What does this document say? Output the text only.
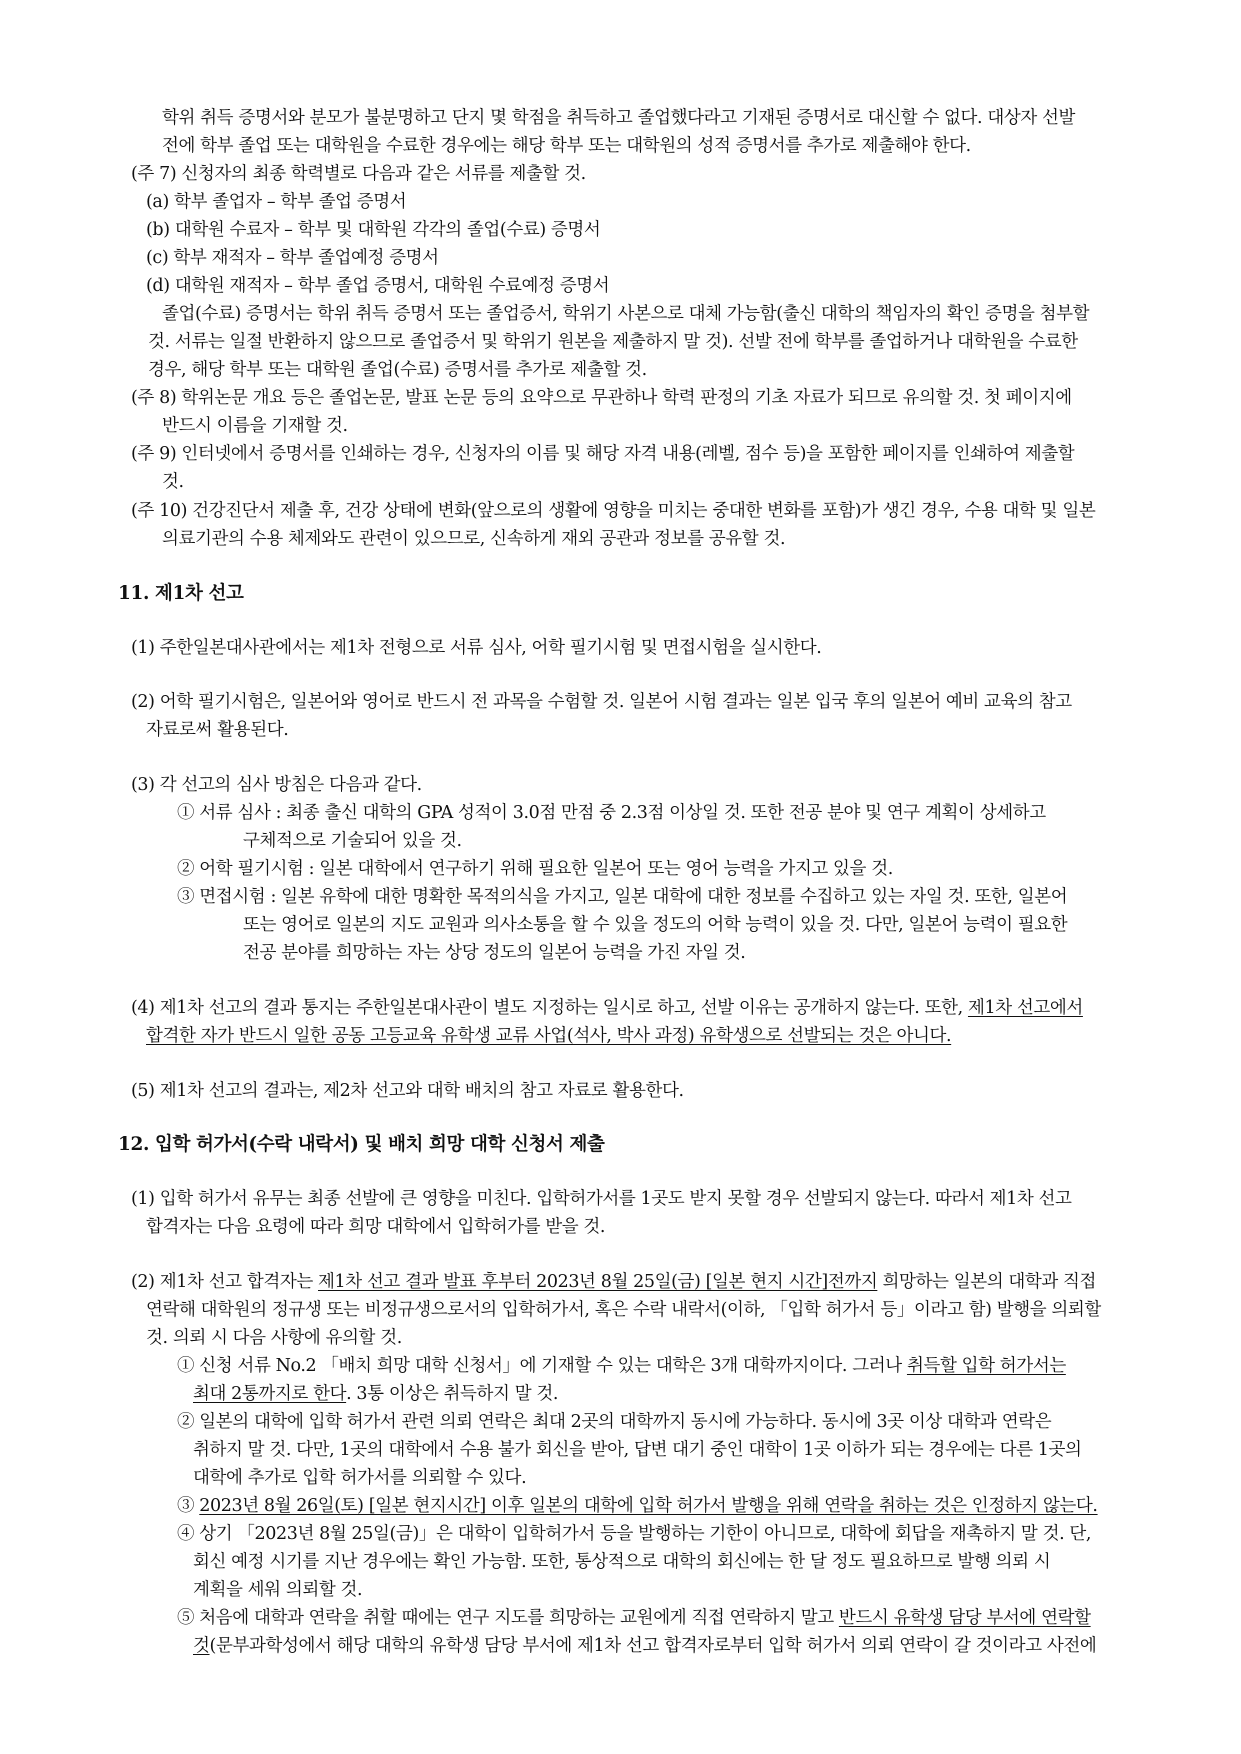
학위 취득 증명서와 분모가 불분명하고 단지 몇 학점을 취득하고 졸업했다라고 기재된 증명서로 대신할 수 없다. 대상자 선발
전에 학부 졸업 또는 대학원을 수료한 경우에는 해당 학부 또는 대학원의 성적 증명서를 추가로 제출해야 한다.
(주 7) 신청자의 최종 학력별로 다음과 같은 서류를 제출할 것.
(a) 학부 졸업자 – 학부 졸업 증명서
(b) 대학원 수료자 – 학부 및 대학원 각각의 졸업(수료) 증명서
(c) 학부 재적자 – 학부 졸업예정 증명서
(d) 대학원 재적자 – 학부 졸업 증명서, 대학원 수료예정 증명서
졸업(수료) 증명서는 학위 취득 증명서 또는 졸업증서, 학위기 사본으로 대체 가능함(출신 대학의 책임자의 확인 증명을 첨부할
것. 서류는 일절 반환하지 않으므로 졸업증서 및 학위기 원본을 제출하지 말 것). 선발 전에 학부를 졸업하거나 대학원을 수료한
경우, 해당 학부 또는 대학원 졸업(수료) 증명서를 추가로 제출할 것.
(주 8) 학위논문 개요 등은 졸업논문, 발표 논문 등의 요약으로 무관하나 학력 판정의 기초 자료가 되므로 유의할 것. 첫 페이지에
반드시 이름을 기재할 것.
(주 9) 인터넷에서 증명서를 인쇄하는 경우, 신청자의 이름 및 해당 자격 내용(레벨, 점수 등)을 포함한 페이지를 인쇄하여 제출할
것.
(주 10) 건강진단서 제출 후, 건강 상태에 변화(앞으로의 생활에 영향을 미치는 중대한 변화를 포함)가 생긴 경우, 수용 대학 및 일본
의료기관의 수용 체제와도 관련이 있으므로, 신속하게 재외 공관과 정보를 공유할 것.
11. 제1차 선고
(1) 주한일본대사관에서는 제1차 전형으로 서류 심사, 어학 필기시험 및 면접시험을 실시한다.
(2) 어학 필기시험은, 일본어와 영어로 반드시 전 과목을 수험할 것. 일본어 시험 결과는 일본 입국 후의 일본어 예비 교육의 참고
자료로써 활용된다.
(3) 각 선고의 심사 방침은 다음과 같다.
① 서류 심사 : 최종 출신 대학의 GPA 성적이 3.0점 만점 중 2.3점 이상일 것. 또한 전공 분야 및 연구 계획이 상세하고
구체적으로 기술되어 있을 것.
② 어학 필기시험 : 일본 대학에서 연구하기 위해 필요한 일본어 또는 영어 능력을 가지고 있을 것.
③ 면접시험 : 일본 유학에 대한 명확한 목적의식을 가지고, 일본 대학에 대한 정보를 수집하고 있는 자일 것. 또한, 일본어
또는 영어로 일본의 지도 교원과 의사소통을 할 수 있을 정도의 어학 능력이 있을 것. 다만, 일본어 능력이 필요한
전공 분야를 희망하는 자는 상당 정도의 일본어 능력을 가진 자일 것.
(4) 제1차 선고의 결과 통지는 주한일본대사관이 별도 지정하는 일시로 하고, 선발 이유는 공개하지 않는다. 또한, 제1차 선고에서
합격한 자가 반드시 일한 공동 고등교육 유학생 교류 사업(석사, 박사 과정) 유학생으로 선발되는 것은 아니다.
(5) 제1차 선고의 결과는, 제2차 선고와 대학 배치의 참고 자료로 활용한다.
12. 입학 허가서(수락 내락서) 및 배치 희망 대학 신청서 제출
(1) 입학 허가서 유무는 최종 선발에 큰 영향을 미친다. 입학허가서를 1곳도 받지 못할 경우 선발되지 않는다. 따라서 제1차 선고
합격자는 다음 요령에 따라 희망 대학에서 입학허가를 받을 것.
(2) 제1차 선고 합격자는 제1차 선고 결과 발표 후부터 2023년 8월 25일(금) [일본 현지 시간]전까지 희망하는 일본의 대학과 직접
연락해 대학원의 정규생 또는 비정규생으로서의 입학허가서, 혹은 수락 내락서(이하, 「입학 허가서 등」이라고 함) 발행을 의뢰할
것. 의뢰 시 다음 사항에 유의할 것.
① 신청 서류 No.2 「배치 희망 대학 신청서」에 기재할 수 있는 대학은 3개 대학까지이다. 그러나 취득할 입학 허가서는
최대 2통까지로 한다. 3통 이상은 취득하지 말 것.
② 일본의 대학에 입학 허가서 관련 의뢰 연락은 최대 2곳의 대학까지 동시에 가능하다. 동시에 3곳 이상 대학과 연락은
취하지 말 것. 다만, 1곳의 대학에서 수용 불가 회신을 받아, 답변 대기 중인 대학이 1곳 이하가 되는 경우에는 다른 1곳의
대학에 추가로 입학 허가서를 의뢰할 수 있다.
③ 2023년 8월 26일(토) [일본 현지시간] 이후 일본의 대학에 입학 허가서 발행을 위해 연락을 취하는 것은 인정하지 않는다.
④ 상기 「2023년 8월 25일(금)」은 대학이 입학허가서 등을 발행하는 기한이 아니므로, 대학에 회답을 재촉하지 말 것. 단,
회신 예정 시기를 지난 경우에는 확인 가능함. 또한, 통상적으로 대학의 회신에는 한 달 정도 필요하므로 발행 의뢰 시
계획을 세워 의뢰할 것.
⑤ 처음에 대학과 연락을 취할 때에는 연구 지도를 희망하는 교원에게 직접 연락하지 말고 반드시 유학생 담당 부서에 연락할
것(문부과학성에서 해당 대학의 유학생 담당 부서에 제1차 선고 합격자로부터 입학 허가서 의뢰 연락이 갈 것이라고 사전에
